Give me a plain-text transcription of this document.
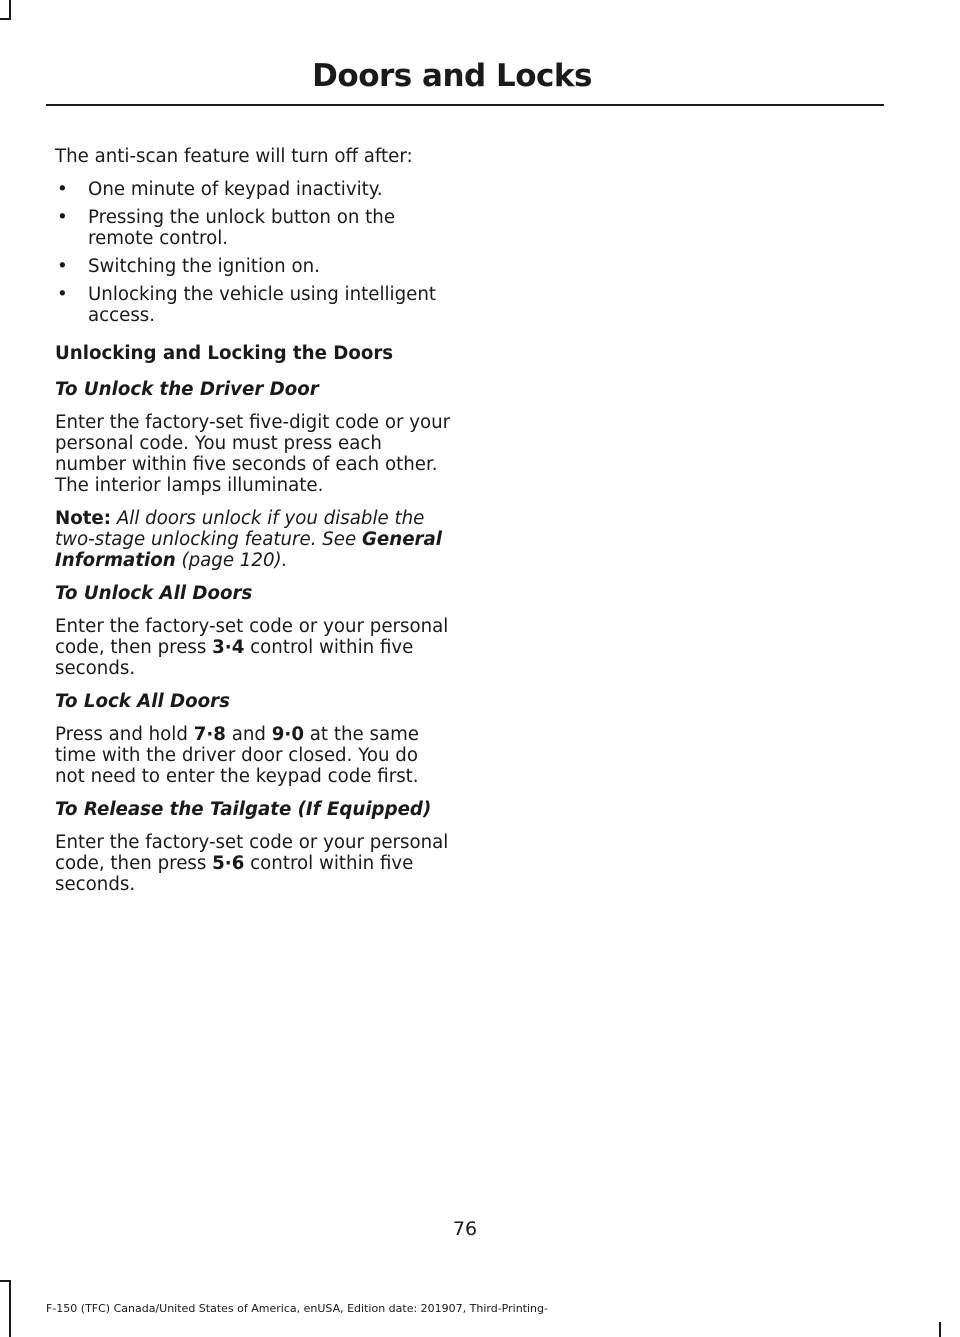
Doors and Locks

The anti-scan feature will turn off after:

• One minute of keypad inactivity.
• Pressing the unlock button on the remote control.
• Switching the ignition on.
• Unlocking the vehicle using intelligent access.

Unlocking and Locking the Doors

To Unlock the Driver Door

Enter the factory-set five-digit code or your personal code. You must press each number within five seconds of each other. The interior lamps illuminate.

Note: All doors unlock if you disable the two-stage unlocking feature. See General Information (page 120).

To Unlock All Doors

Enter the factory-set code or your personal code, then press 3·4 control within five seconds.

To Lock All Doors

Press and hold 7·8 and 9·0 at the same time with the driver door closed. You do not need to enter the keypad code first.

To Release the Tailgate (If Equipped)

Enter the factory-set code or your personal code, then press 5·6 control within five seconds.

76
F-150 (TFC) Canada/United States of America, enUSA, Edition date: 201907, Third-Printing-
